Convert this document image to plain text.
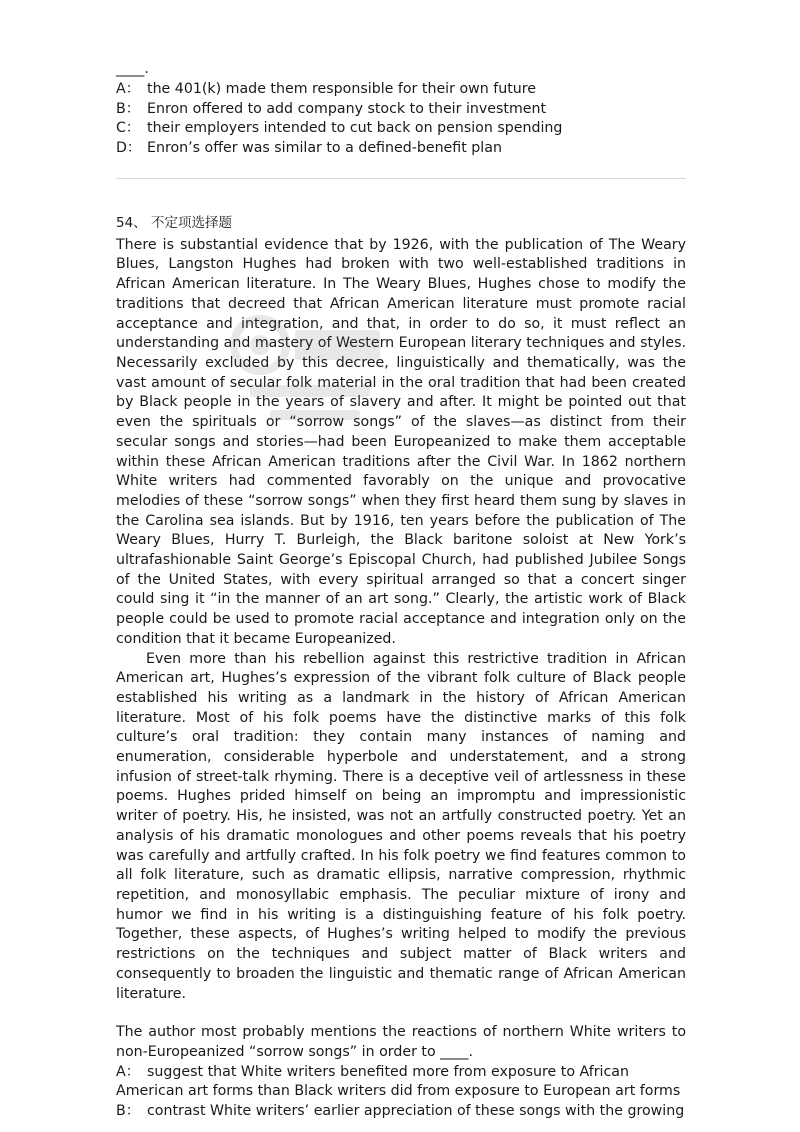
____.

A： the 401(k) made them responsible for their own future

B： Enron offered to add company stock to their investment

C： their employers intended to cut back on pension spending

D： Enron’s offer was similar to a defined-benefit plan

54、 不定项选择题

There is substantial evidence that by 1926, with the publication of The Weary Blues, Langston Hughes had broken with two well-established traditions in African American literature. In The Weary Blues, Hughes chose to modify the traditions that decreed that African American literature must promote racial acceptance and integration, and that, in order to do so, it must reflect an understanding and mastery of Western European literary techniques and styles. Necessarily excluded by this decree, linguistically and thematically, was the vast amount of secular folk material in the oral tradition that had been created by Black people in the years of slavery and after. It might be pointed out that even the spirituals or “sorrow songs” of the slaves—as distinct from their secular songs and stories—had been Europeanized to make them acceptable within these African American traditions after the Civil War. In 1862 northern White writers had commented favorably on the unique and provocative melodies of these “sorrow songs” when they first heard them sung by slaves in the Carolina sea islands. But by 1916, ten years before the publication of The Weary Blues, Hurry T. Burleigh, the Black baritone soloist at New York’s ultrafashionable Saint George’s Episcopal Church, had published Jubilee Songs of the United States, with every spiritual arranged so that a concert singer could sing it “in the manner of an art song.” Clearly, the artistic work of Black people could be used to promote racial acceptance and integration only on the condition that it became Europeanized.

Even more than his rebellion against this restrictive tradition in African American art, Hughes’s expression of the vibrant folk culture of Black people established his writing as a landmark in the history of African American literature. Most of his folk poems have the distinctive marks of this folk culture’s oral tradition: they contain many instances of naming and enumeration, considerable hyperbole and understatement, and a strong infusion of street-talk rhyming. There is a deceptive veil of artlessness in these poems. Hughes prided himself on being an impromptu and impressionistic writer of poetry. His, he insisted, was not an artfully constructed poetry. Yet an analysis of his dramatic monologues and other poems reveals that his poetry was carefully and artfully crafted. In his folk poetry we find features common to all folk literature, such as dramatic ellipsis, narrative compression, rhythmic repetition, and monosyllabic emphasis. The peculiar mixture of irony and humor we find in his writing is a distinguishing feature of his folk poetry. Together, these aspects, of Hughes’s writing helped to modify the previous restrictions on the techniques and subject matter of Black writers and consequently to broaden the linguistic and thematic range of African American literature.

The author most probably mentions the reactions of northern White writers to non-Europeanized “sorrow songs” in order to ____.

A： suggest that White writers benefited more from exposure to African American art forms than Black writers did from exposure to European art forms

B： contrast White writers’ earlier appreciation of these songs with the growing
